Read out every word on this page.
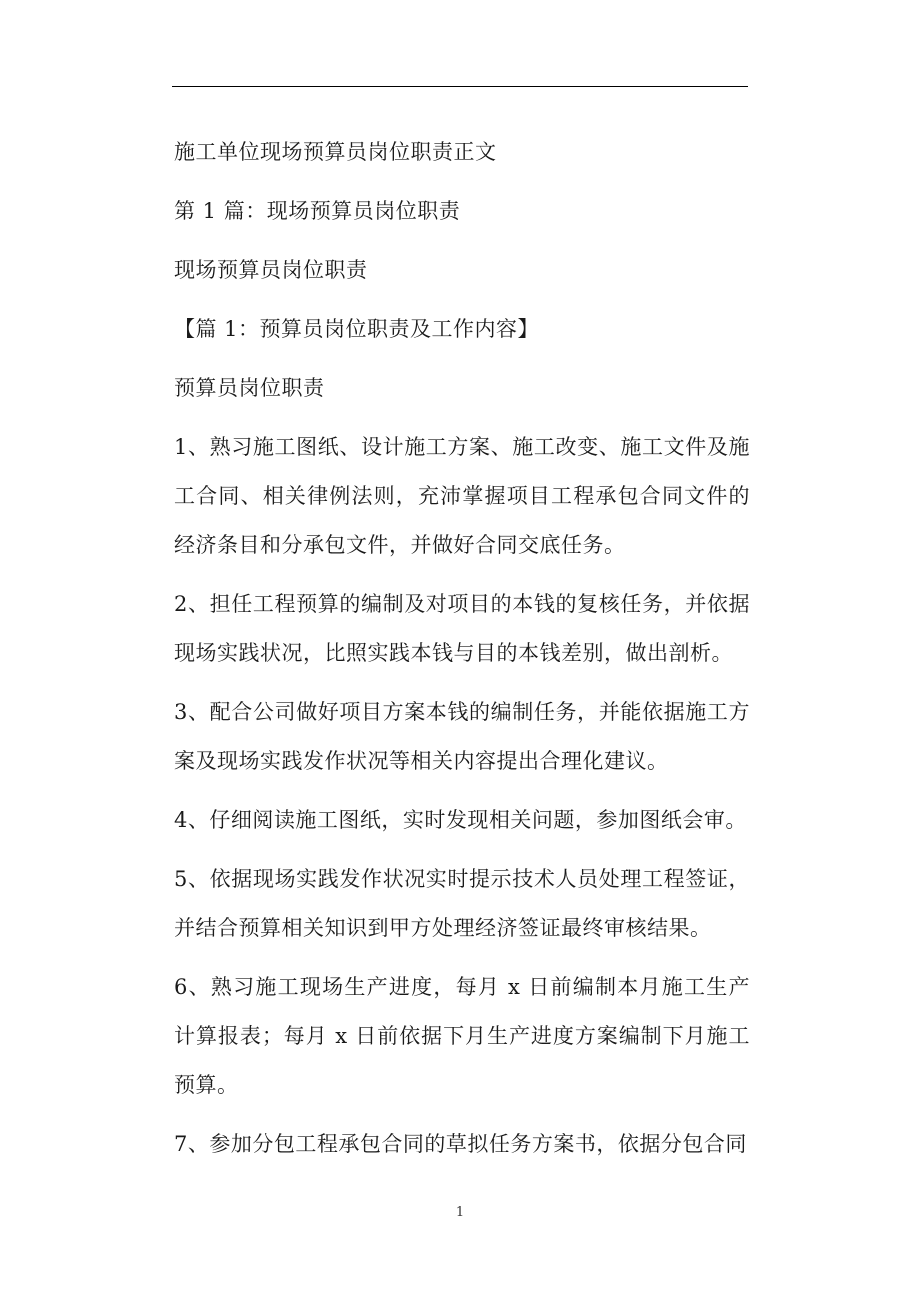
施工单位现场预算员岗位职责正文

第 1 篇：现场预算员岗位职责

现场预算员岗位职责

【篇 1：预算员岗位职责及工作内容】

预算员岗位职责

1、熟习施工图纸、设计施工方案、施工改变、施工文件及施工合同、相关律例法则，充沛掌握项目工程承包合同文件的经济条目和分承包文件，并做好合同交底任务。

2、担任工程预算的编制及对项目的本钱的复核任务，并依据现场实践状况，比照实践本钱与目的本钱差别，做出剖析。

3、配合公司做好项目方案本钱的编制任务，并能依据施工方案及现场实践发作状况等相关内容提出合理化建议。

4、仔细阅读施工图纸，实时发现相关问题，参加图纸会审。

5、依据现场实践发作状况实时提示技术人员处理工程签证，并结合预算相关知识到甲方处理经济签证最终审核结果。

6、熟习施工现场生产进度，每月 x 日前编制本月施工生产计算报表；每月 x 日前依据下月生产进度方案编制下月施工预算。

7、参加分包工程承包合同的草拟任务方案书，依据分包合同

1
